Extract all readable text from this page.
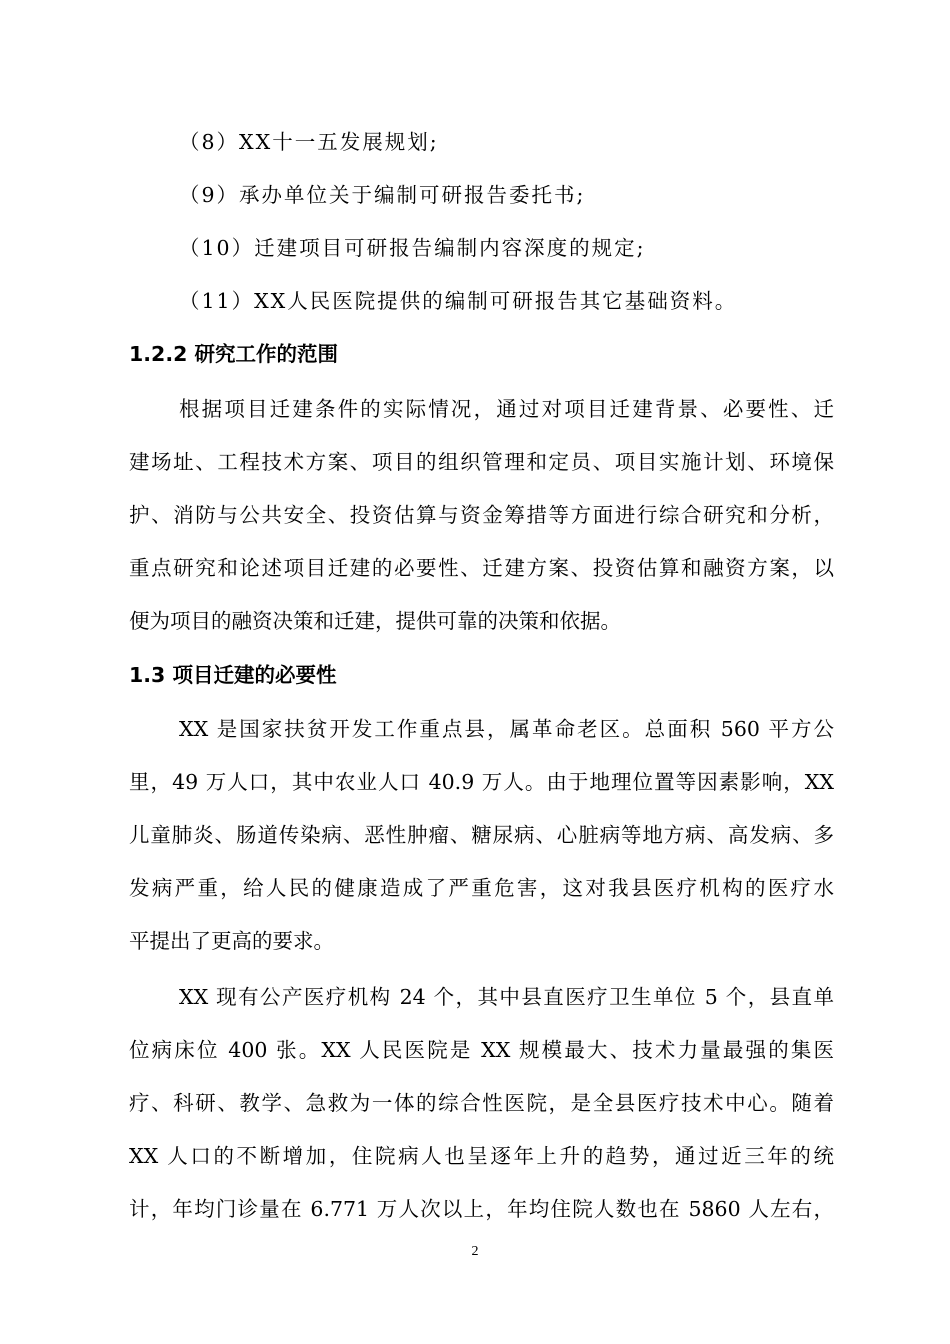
（8）XX十一五发展规划;
（9）承办单位关于编制可研报告委托书;
（10）迁建项目可研报告编制内容深度的规定;
（11）XX人民医院提供的编制可研报告其它基础资料。
1.2.2 研究工作的范围
根据项目迁建条件的实际情况，通过对项目迁建背景、必要性、迁
建场址、工程技术方案、项目的组织管理和定员、项目实施计划、环境保
护、消防与公共安全、投资估算与资金筹措等方面进行综合研究和分析，
重点研究和论述项目迁建的必要性、迁建方案、投资估算和融资方案，以
便为项目的融资决策和迁建，提供可靠的决策和依据。
1.3 项目迁建的必要性
XX 是国家扶贫开发工作重点县，属革命老区。总面积 560 平方公
里，49 万人口，其中农业人口 40.9 万人。由于地理位置等因素影响，XX
儿童肺炎、肠道传染病、恶性肿瘤、糖尿病、心脏病等地方病、高发病、多
发病严重，给人民的健康造成了严重危害，这对我县医疗机构的医疗水
平提出了更高的要求。
XX 现有公产医疗机构 24 个，其中县直医疗卫生单位 5 个，县直单
位病床位 400 张。XX 人民医院是 XX 规模最大、技术力量最强的集医
疗、科研、教学、急救为一体的综合性医院，是全县医疗技术中心。随着
XX 人口的不断增加，住院病人也呈逐年上升的趋势，通过近三年的统
计，年均门诊量在 6.771 万人次以上，年均住院人数也在 5860 人左右，
2
